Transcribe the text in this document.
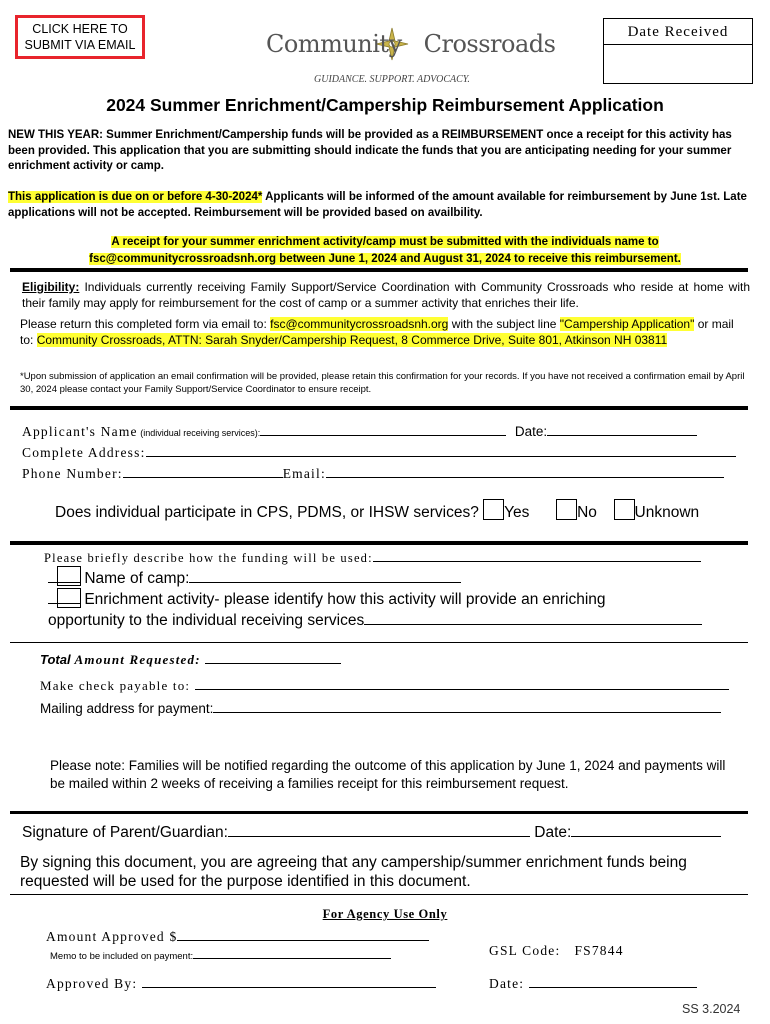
CLICK HERE TO SUBMIT VIA EMAIL	Community Crossroads
GUIDANCE. SUPPORT. ADVOCACY.
Date Received
2024 Summer Enrichment/Campership Reimbursement Application
NEW THIS YEAR: Summer Enrichment/Campership funds will be provided as a REIMBURSEMENT once a receipt for this activity has been provided. This application that you are submitting should indicate the funds that you are anticipating needing for your summer enrichment activity or camp.
This application is due on or before 4-30-2024* Applicants will be informed of the amount available for reimbursement by June 1st. Late applications will not be accepted. Reimbursement will be provided based on availbility.
A receipt for your summer enrichment activity/camp must be submitted with the individuals name to
fsc@communitycrossroadsnh.org between June 1, 2024 and August 31, 2024 to receive this reimbursement.
Eligibility: Individuals currently receiving Family Support/Service Coordination with Community Crossroads who reside at home with their family may apply for reimbursement for the cost of camp or a summer activity that enriches their life.
Please return this completed form via email to: fsc@communitycrossroadsnh.org with the subject line "Campership Application" or mail to: Community Crossroads, ATTN: Sarah Snyder/Campership Request, 8 Commerce Drive, Suite 801, Atkinson NH 03811
*Upon submission of application an email confirmation will be provided, please retain this confirmation for your records. If you have not received a confirmation email by April 30, 2024 please contact your Family Support/Service Coordinator to ensure receipt.
Applicant's Name (individual receiving services):	Date:
Complete Address:
Phone Number:	Email:
Does individual participate in CPS, PDMS, or IHSW services? Yes	No Unknown
Please briefly describe how the funding will be used:
Name of camp:
Enrichment activity- please identify how this activity will provide an enriching
opportunity to the individual receiving services
Total Amount Requested:
Make check payable to:
Mailing address for payment:
Please note: Families will be notified regarding the outcome of this application by June 1, 2024 and payments will be mailed within 2 weeks of receiving a families receipt for this reimbursement request.
Signature of Parent/Guardian:	Date:
By signing this document, you are agreeing that any campership/summer enrichment funds being requested will be used for the purpose identified in this document.
For Agency Use Only
Amount Approved $
Memo to be included on payment:	GSL Code: FS7844
Approved By:	Date:
SS 3.2024
